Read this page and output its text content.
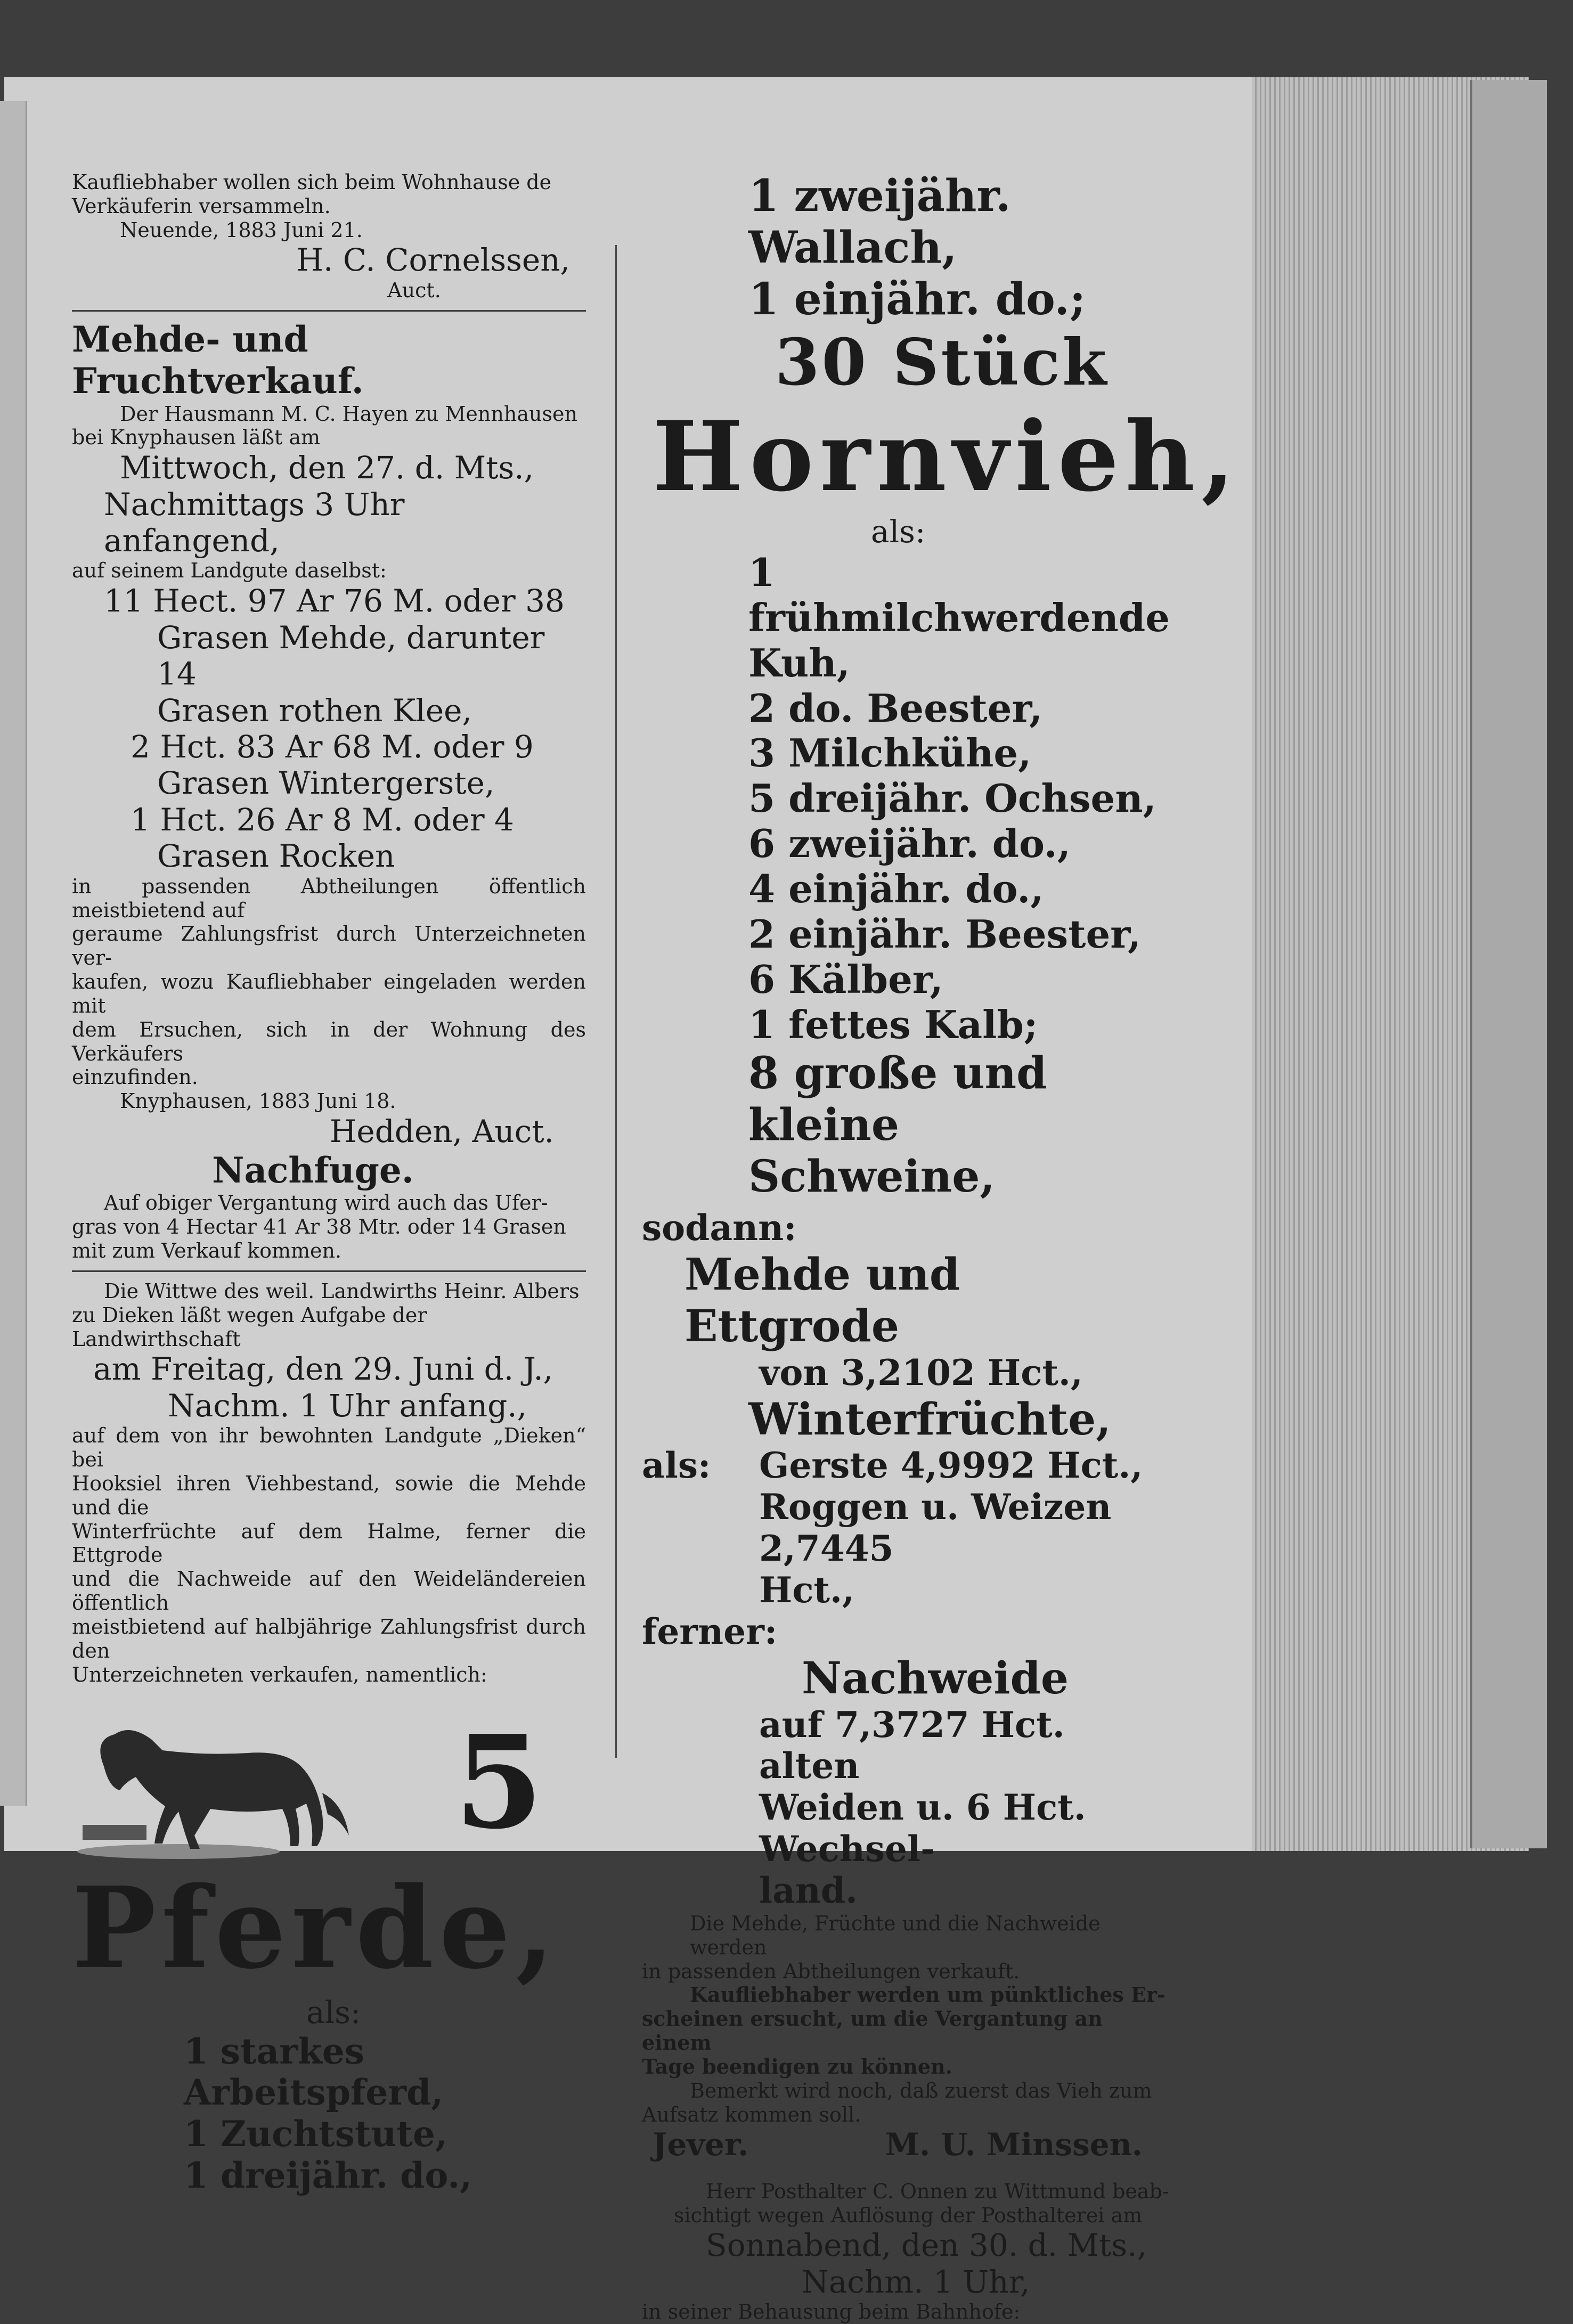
Kaufliebhaber wollen sich beim Wohnhause de

Verkäuferin versammeln.

Neuende, 1883 Juni 21.

H. C. Cornelssen,

Auct.

Mehde- und Fruchtverkauf.

Der Hausmann M. C. Hayen zu Mennhausen

bei Knyphausen läßt am

Mittwoch, den 27. d. Mts.,

Nachmittags 3 Uhr anfangend,

auf seinem Landgute daselbst:

11 Hect. 97 Ar 76 M. oder 38

Grasen Mehde, darunter 14

Grasen rothen Klee,

2 Hct. 83 Ar 68 M. oder 9

Grasen Wintergerste,

1 Hct. 26 Ar 8 M. oder 4

Grasen Rocken

in passenden Abtheilungen öffentlich meistbietend auf

geraume Zahlungsfrist durch Unterzeichneten ver-

kaufen, wozu Kaufliebhaber eingeladen werden mit

dem Ersuchen, sich in der Wohnung des Verkäufers

einzufinden.

Knyphausen, 1883 Juni 18.

Hedden, Auct.

Nachfuge.

Auf obiger Vergantung wird auch das Ufer-

gras von 4 Hectar 41 Ar 38 Mtr. oder 14 Grasen

mit zum Verkauf kommen.

Die Wittwe des weil. Landwirths Heinr. Albers

zu Dieken läßt wegen Aufgabe der Landwirthschaft

am Freitag, den 29. Juni d. J.,

Nachm. 1 Uhr anfang.,

auf dem von ihr bewohnten Landgute „Dieken“ bei

Hooksiel ihren Viehbestand, sowie die Mehde und die

Winterfrüchte auf dem Halme, ferner die Ettgrode

und die Nachweide auf den Weideländereien öffentlich

meistbietend auf halbjährige Zahlungsfrist durch den

Unterzeichneten verkaufen, namentlich:

5

Pferde,

als:

1 starkes Arbeitspferd,

1 Zuchtstute,

1 dreijähr. do.,

1 zweijähr. Wallach,

1 einjähr. do.;

30 Stück

Hornvieh,

als:

1 frühmilchwerdende Kuh,

2 do. Beester,

3 Milchkühe,

5 dreijähr. Ochsen,

6 zweijähr. do.,

4 einjähr. do.,

2 einjähr. Beester,

6 Kälber,

1 fettes Kalb;

8 große und kleine

Schweine,

sodann:

Mehde und Ettgrode

von 3,2102 Hct.,

Winterfrüchte,

als:	Gerste 4,9992 Hct.,

Roggen u. Weizen 2,7445

Hct.,

ferner:

Nachweide

auf 7,3727 Hct. alten

Weiden u. 6 Hct. Wechsel-

land.

Die Mehde, Früchte und die Nachweide werden

in passenden Abtheilungen verkauft.

Kaufliebhaber werden um pünktliches Er-

scheinen ersucht, um die Vergantung an einem

Tage beendigen zu können.

Bemerkt wird noch, daß zuerst das Vieh zum

Aufsatz kommen soll.

Jever.	M. U. Minssen.

Herr Posthalter C. Onnen zu Wittmund beab-

sichtigt wegen Auflösung der Posthalterei am

Sonnabend, den 30. d. Mts.,

Nachm. 1 Uhr,

in seiner Behausung beim Bahnhofe:
